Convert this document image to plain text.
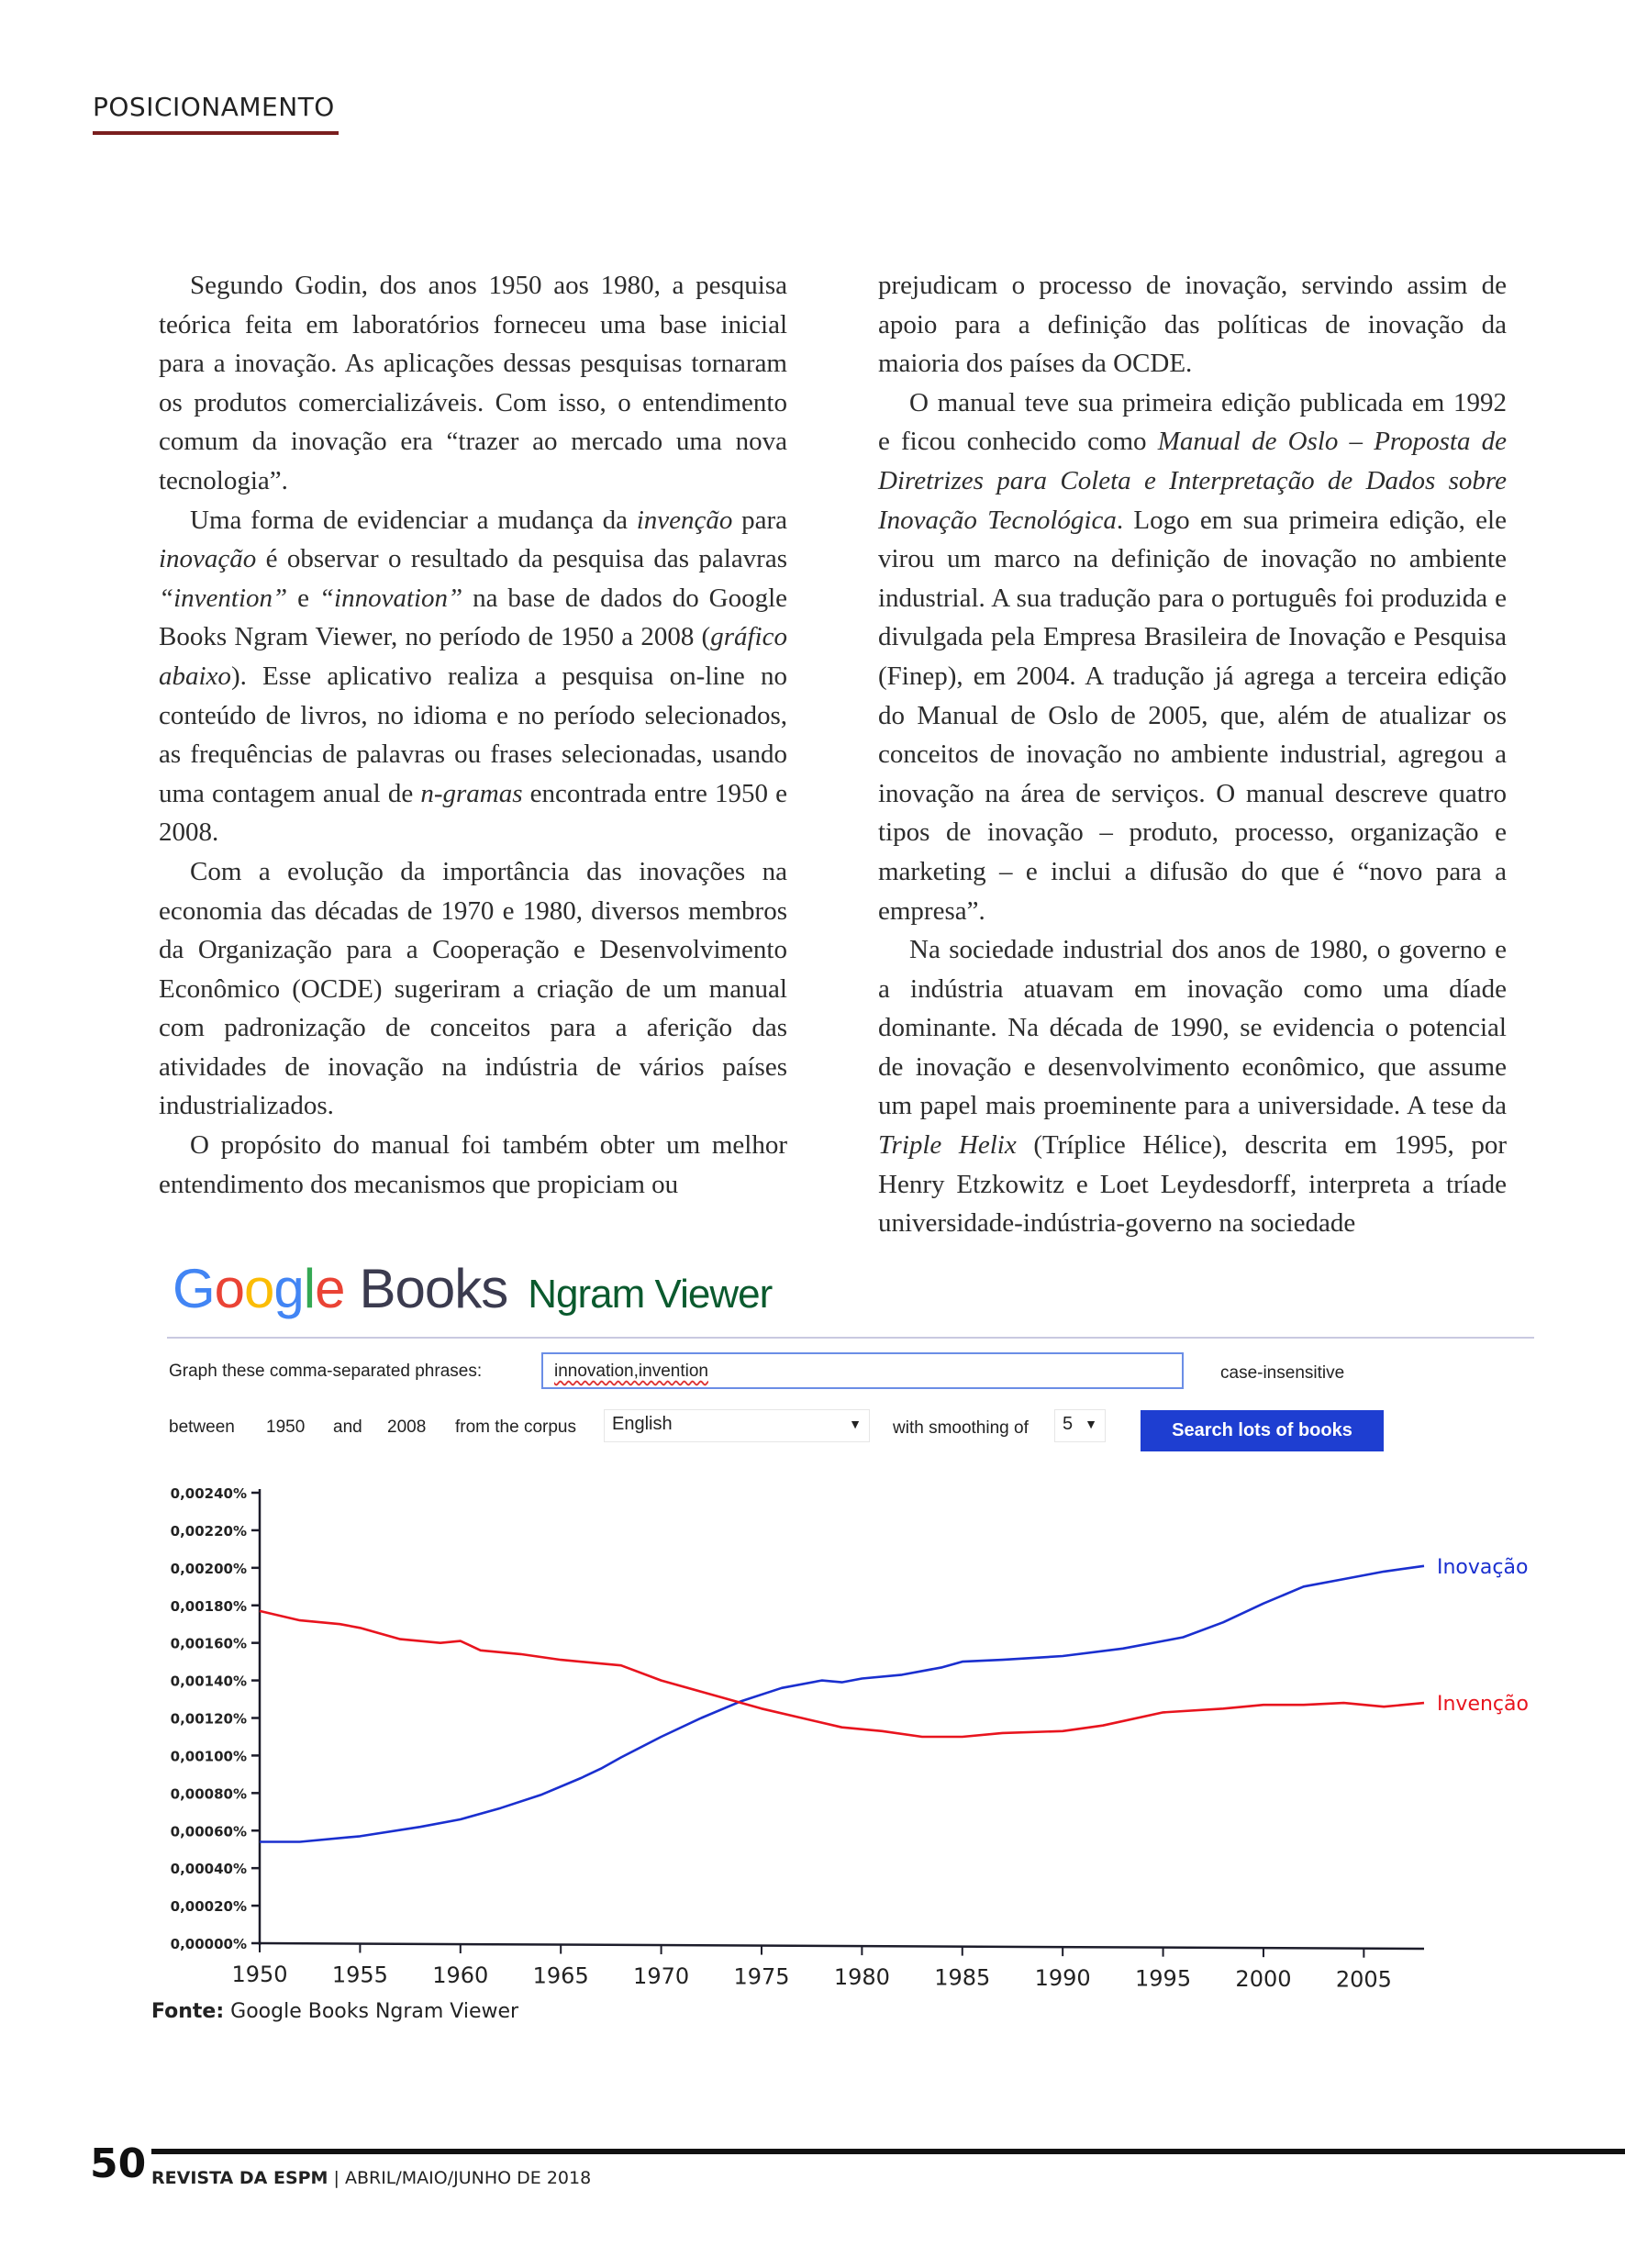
POSICIONAMENTO

Segundo Godin, dos anos 1950 aos 1980, a pesquisa teórica feita em laboratórios forneceu uma base inicial para a inovação. As aplicações dessas pesquisas tornaram os produtos comercializáveis. Com isso, o entendimento comum da inovação era “trazer ao mercado uma nova tecnologia”.

Uma forma de evidenciar a mudança da invenção para inovação é observar o resultado da pesquisa das palavras “invention” e “innovation” na base de dados do Google Books Ngram Viewer, no período de 1950 a 2008 (gráfico abaixo). Esse aplicativo realiza a pesquisa on-line no conteúdo de livros, no idioma e no período selecionados, as frequências de palavras ou frases selecionadas, usando uma contagem anual de n-gramas encontrada entre 1950 e 2008.

Com a evolução da importância das inovações na economia das décadas de 1970 e 1980, diversos membros da Organização para a Cooperação e Desenvolvimento Econômico (OCDE) sugeriram a criação de um manual com padronização de conceitos para a aferição das atividades de inovação na indústria de vários países industrializados.

O propósito do manual foi também obter um melhor entendimento dos mecanismos que propiciam ou

prejudicam o processo de inovação, servindo assim de apoio para a definição das políticas de inovação da maioria dos países da OCDE.

O manual teve sua primeira edição publicada em 1992 e ficou conhecido como Manual de Oslo – Proposta de Diretrizes para Coleta e Interpretação de Dados sobre Inovação Tecnológica. Logo em sua primeira edição, ele virou um marco na definição de inovação no ambiente industrial. A sua tradução para o português foi produzida e divulgada pela Empresa Brasileira de Inovação e Pesquisa (Finep), em 2004. A tradução já agrega a terceira edição do Manual de Oslo de 2005, que, além de atualizar os conceitos de inovação no ambiente industrial, agregou a inovação na área de serviços. O manual descreve quatro tipos de inovação – produto, processo, organização e marketing – e inclui a difusão do que é “novo para a empresa”.

Na sociedade industrial dos anos de 1980, o governo e a indústria atuavam em inovação como uma díade dominante. Na década de 1990, se evidencia o potencial de inovação e desenvolvimento econômico, que assume um papel mais proeminente para a universidade. A tese da Triple Helix (Tríplice Hélice), descrita em 1995, por Henry Etzkowitz e Loet Leydesdorff, interpreta a tríade universidade-indústria-governo na sociedade

Google Books Ngram Viewer
Graph these comma-separated phrases:	innovation,invention	case-insensitive
between 1950 and 2008 from the corpus	English	▼ with smoothing of	5 ▼	Search lots of books
0,00000%
0,00020%
0,00040%
0,00060%
0,00080%
0,00100%
0,00120%
0,00140%
0,00160%
0,00180%
0,00200%
0,00220%
0,00240%
1950 1955 1960 1965 1970 1975 1980 1985 1990 1995 2000 2005
Inovação
Invenção
Fonte: Google Books Ngram Viewer
50 REVISTA DA ESPM | ABRIL/MAIO/JUNHO DE 2018
